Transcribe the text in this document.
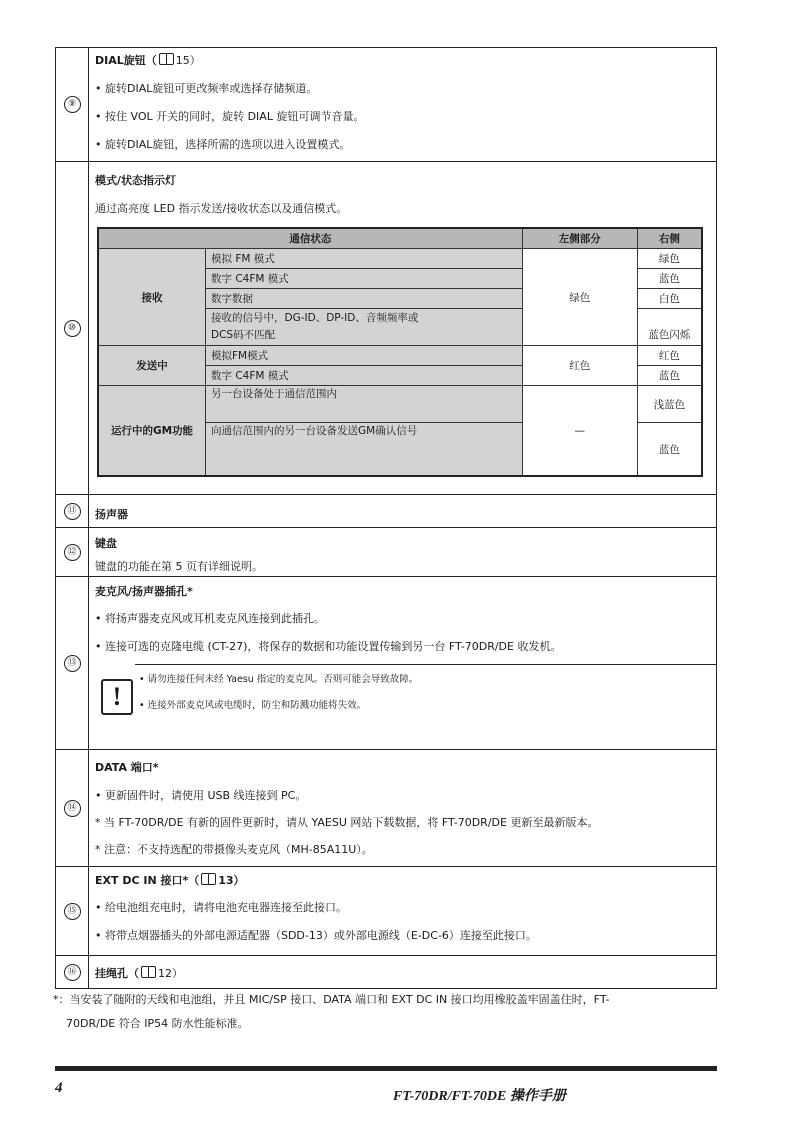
⑨
DIAL旋钮（ 15）
• 旋转DIAL旋钮可更改频率或选择存储频道。
• 按住 VOL 开关的同时，旋转 DIAL 旋钮可调节音量。
• 旋转DIAL旋钮，选择所需的选项以进入设置模式。
⑩
模式/状态指示灯
通过高亮度 LED 指示发送/接收状态以及通信模式。
通信状态		左侧部分	右侧
接收	模拟 FM 模式	绿色	绿色
	数字 C4FM 模式		蓝色
	数字数据		白色
	接收的信号中，DG-ID、DP-ID、音频频率或
DCS码不匹配		蓝色闪烁
发送中	模拟FM模式	红色	红色
	数字 C4FM 模式		蓝色
运行中的GM功能	另一台设备处于通信范围内	—	浅蓝色
	向通信范围内的另一台设备发送GM确认信号		蓝色
⑪	扬声器
⑫
键盘
键盘的功能在第 5 页有详细说明。
⑬
麦克风/扬声器插孔*
• 将扬声器麦克风或耳机麦克风连接到此插孔。
• 连接可选的克隆电缆 (CT-27)，将保存的数据和功能设置传输到另一台 FT-70DR/DE 收发机。
!
• 请勿连接任何未经 Yaesu 指定的麦克风。否则可能会导致故障。
• 连接外部麦克风或电缆时，防尘和防溅功能将失效。
⑭
DATA 端口*
• 更新固件时，请使用 USB 线连接到 PC。
* 当 FT-70DR/DE 有新的固件更新时，请从 YAESU 网站下载数据，将 FT-70DR/DE 更新至最新版本。
* 注意：不支持选配的带摄像头麦克风（MH-85A11U）。
⑮
EXT DC IN 接口*（ 13）
• 给电池组充电时，请将电池充电器连接至此接口。
• 将带点烟器插头的外部电源适配器（SDD-13）或外部电源线（E-DC-6）连接至此接口。
⑯	挂绳孔（ 12）
*：当安装了随附的天线和电池组，并且 MIC/SP 接口、DATA 端口和 EXT DC IN 接口均用橡胶盖牢固盖住时，FT-
70DR/DE 符合 IP54 防水性能标准。
4
FT-70DR/FT-70DE 操作手册
